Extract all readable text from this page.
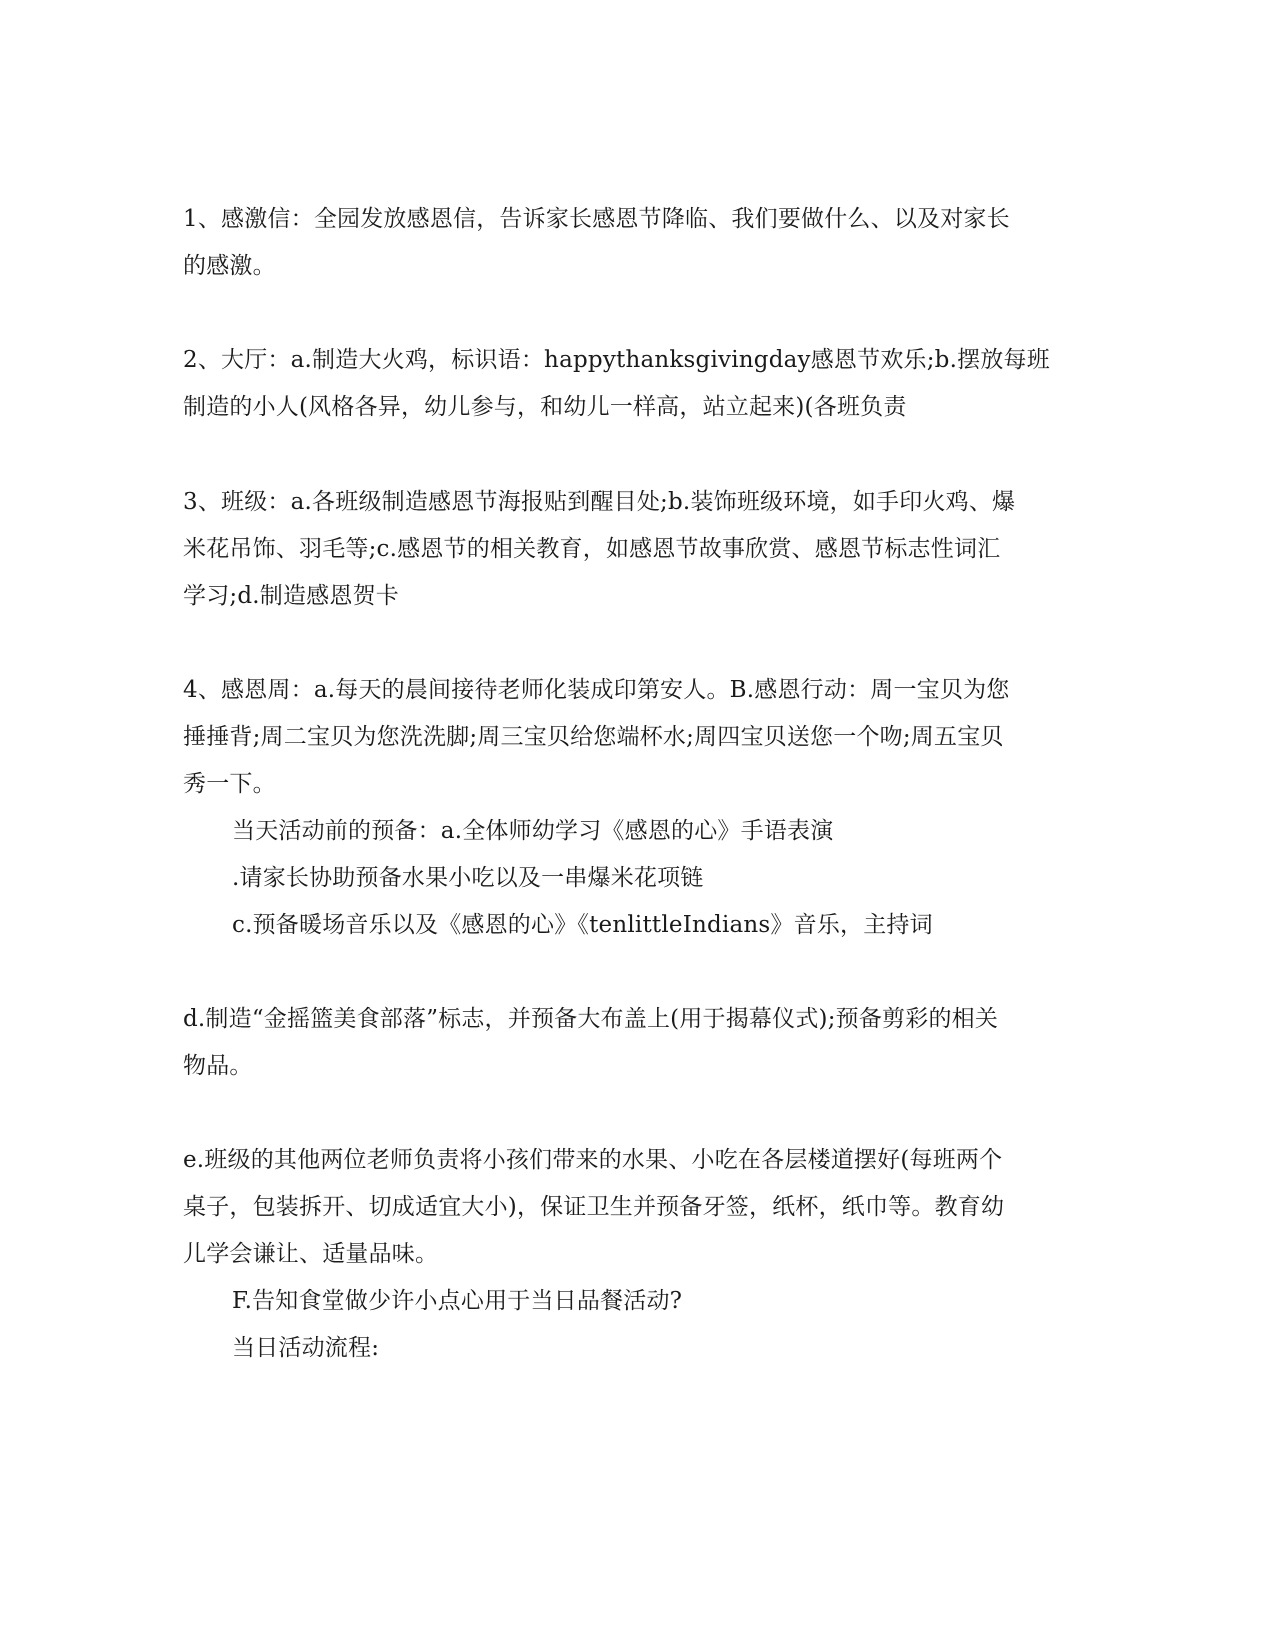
1、感激信：全园发放感恩信，告诉家长感恩节降临、我们要做什么、以及对家长
的感激。
2、大厅：a.制造大火鸡，标识语：happythanksgivingday感恩节欢乐;b.摆放每班
制造的小人(风格各异，幼儿参与，和幼儿一样高，站立起来)(各班负责
3、班级：a.各班级制造感恩节海报贴到醒目处;b.装饰班级环境，如手印火鸡、爆
米花吊饰、羽毛等;c.感恩节的相关教育，如感恩节故事欣赏、感恩节标志性词汇
学习;d.制造感恩贺卡
4、感恩周：a.每天的晨间接待老师化装成印第安人。B.感恩行动：周一宝贝为您
捶捶背;周二宝贝为您洗洗脚;周三宝贝给您端杯水;周四宝贝送您一个吻;周五宝贝
秀一下。
当天活动前的预备：a.全体师幼学习《感恩的心》手语表演
.请家长协助预备水果小吃以及一串爆米花项链
c.预备暖场音乐以及《感恩的心》《tenlittleIndians》音乐，主持词
d.制造“金摇篮美食部落”标志，并预备大布盖上(用于揭幕仪式);预备剪彩的相关
物品。
e.班级的其他两位老师负责将小孩们带来的水果、小吃在各层楼道摆好(每班两个
桌子，包装拆开、切成适宜大小)，保证卫生并预备牙签，纸杯，纸巾等。教育幼
儿学会谦让、适量品味。
F.告知食堂做少许小点心用于当日品餐活动?
当日活动流程:
